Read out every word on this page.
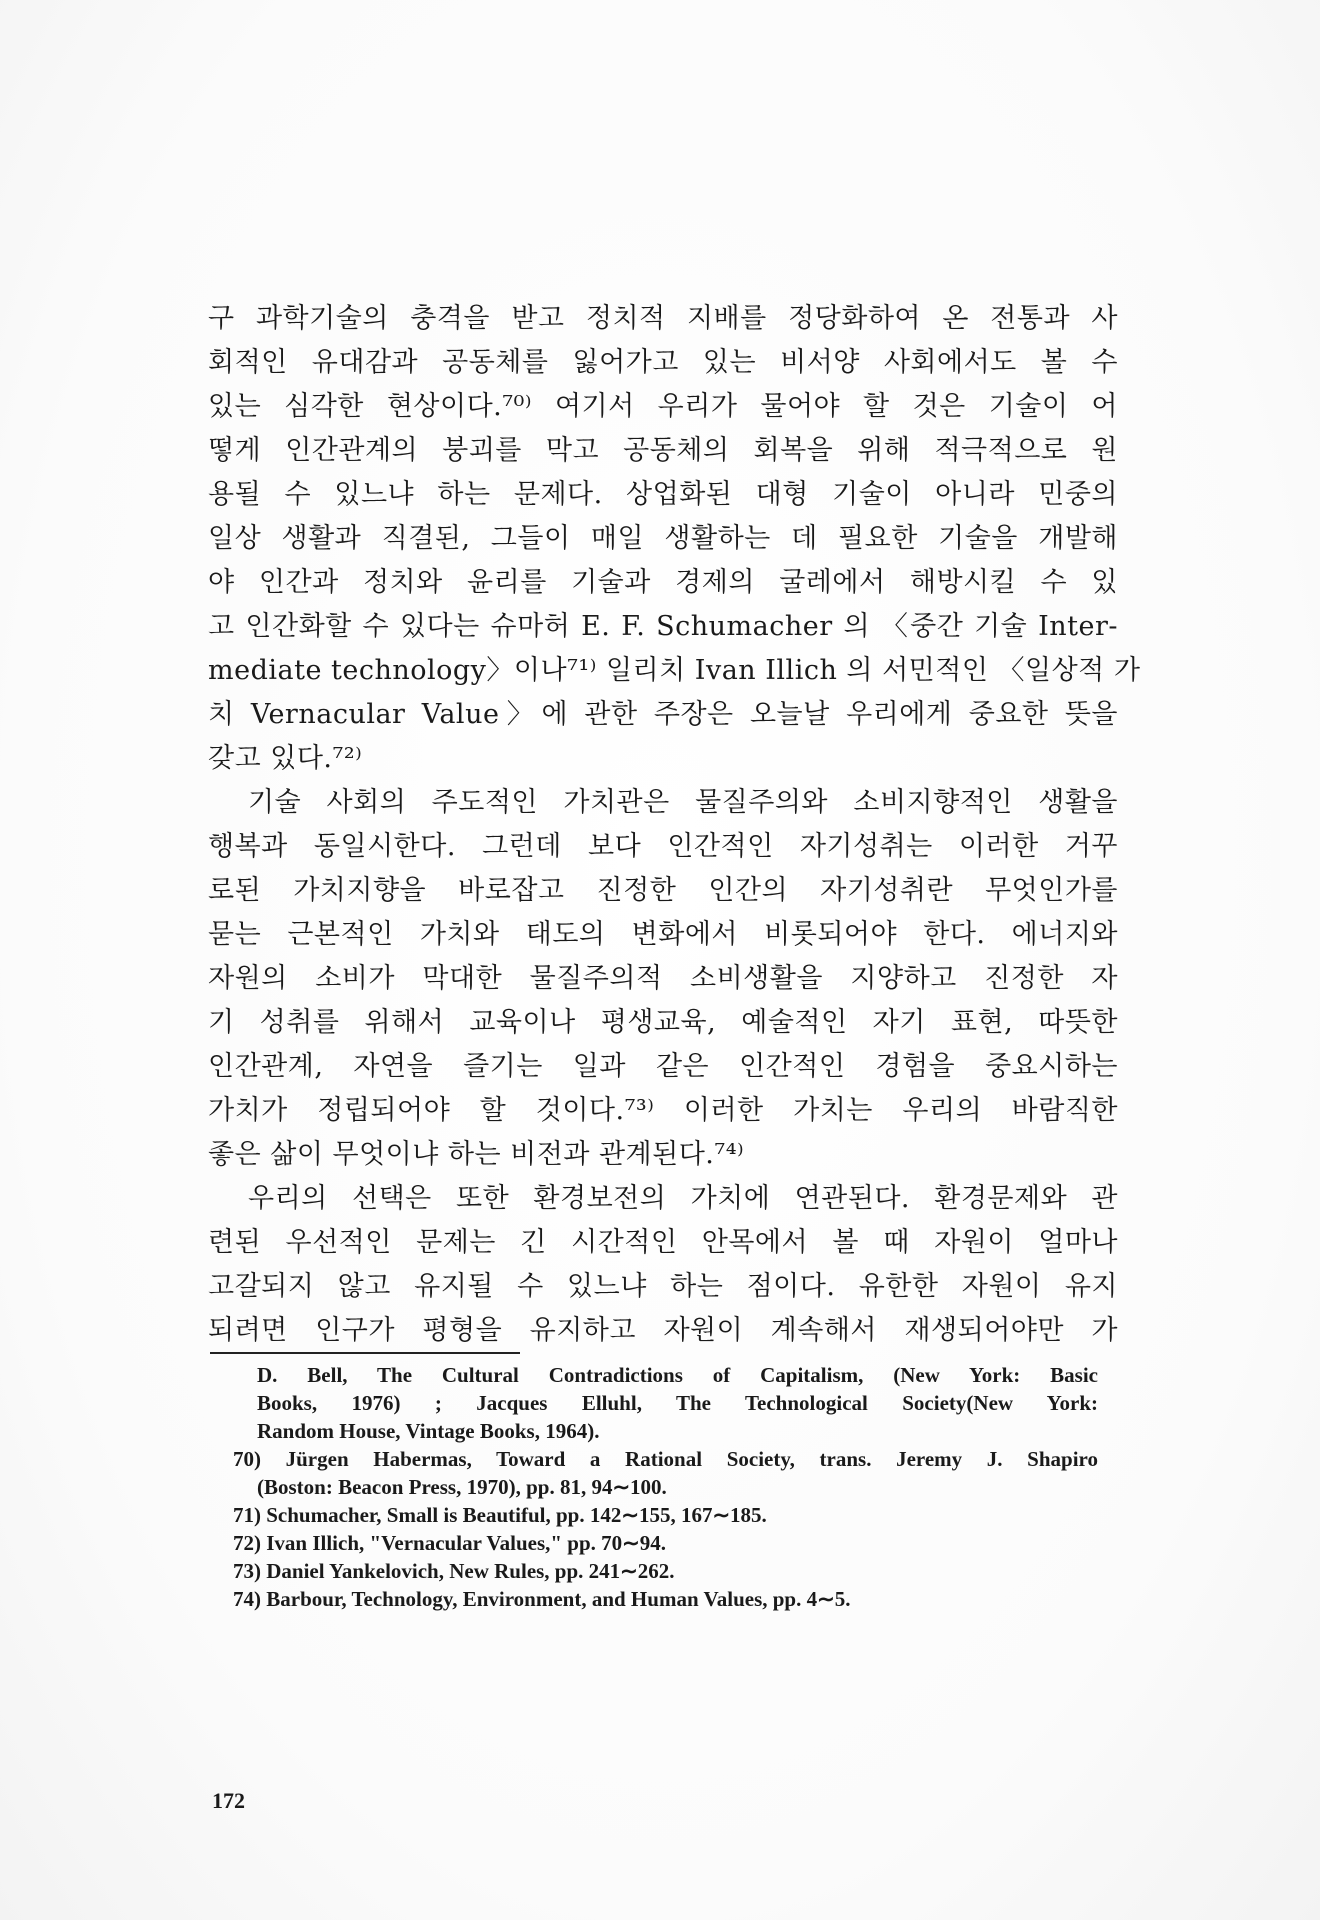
구 과학기술의 충격을 받고 정치적 지배를 정당화하여 온 전통과 사
회적인 유대감과 공동체를 잃어가고 있는 비서양 사회에서도 볼 수
있는 심각한 현상이다.⁷⁰⁾ 여기서 우리가 물어야 할 것은 기술이 어
떻게 인간관계의 붕괴를 막고 공동체의 회복을 위해 적극적으로 원
용될 수 있느냐 하는 문제다. 상업화된 대형 기술이 아니라 민중의
일상 생활과 직결된, 그들이 매일 생활하는 데 필요한 기술을 개발해
야 인간과 정치와 윤리를 기술과 경제의 굴레에서 해방시킬 수 있
고 인간화할 수 있다는 슈마허 E. F. Schumacher 의 〈중간 기술 Inter-
mediate technology〉이나⁷¹⁾ 일리치 Ivan Illich 의 서민적인 〈일상적 가
치 Vernacular Value〉에 관한 주장은 오늘날 우리에게 중요한 뜻을
갖고 있다.⁷²⁾
기술 사회의 주도적인 가치관은 물질주의와 소비지향적인 생활을
행복과 동일시한다. 그런데 보다 인간적인 자기성취는 이러한 거꾸
로된 가치지향을 바로잡고 진정한 인간의 자기성취란 무엇인가를
묻는 근본적인 가치와 태도의 변화에서 비롯되어야 한다. 에너지와
자원의 소비가 막대한 물질주의적 소비생활을 지양하고 진정한 자
기 성취를 위해서 교육이나 평생교육, 예술적인 자기 표현, 따뜻한
인간관계, 자연을 즐기는 일과 같은 인간적인 경험을 중요시하는
가치가 정립되어야 할 것이다.⁷³⁾ 이러한 가치는 우리의 바람직한
좋은 삶이 무엇이냐 하는 비전과 관계된다.⁷⁴⁾
우리의 선택은 또한 환경보전의 가치에 연관된다. 환경문제와 관
련된 우선적인 문제는 긴 시간적인 안목에서 볼 때 자원이 얼마나
고갈되지 않고 유지될 수 있느냐 하는 점이다. 유한한 자원이 유지
되려면 인구가 평형을 유지하고 자원이 계속해서 재생되어야만 가
D. Bell, The Cultural Contradictions of Capitalism, (New York: Basic
Books, 1976) ; Jacques Elluhl, The Technological Society(New York:
Random House, Vintage Books, 1964).
70) Jürgen Habermas, Toward a Rational Society, trans. Jeremy J. Shapiro
(Boston: Beacon Press, 1970), pp. 81, 94∼100.
71) Schumacher, Small is Beautiful, pp. 142∼155, 167∼185.
72) Ivan Illich, "Vernacular Values," pp. 70∼94.
73) Daniel Yankelovich, New Rules, pp. 241∼262.
74) Barbour, Technology, Environment, and Human Values, pp. 4∼5.
172
